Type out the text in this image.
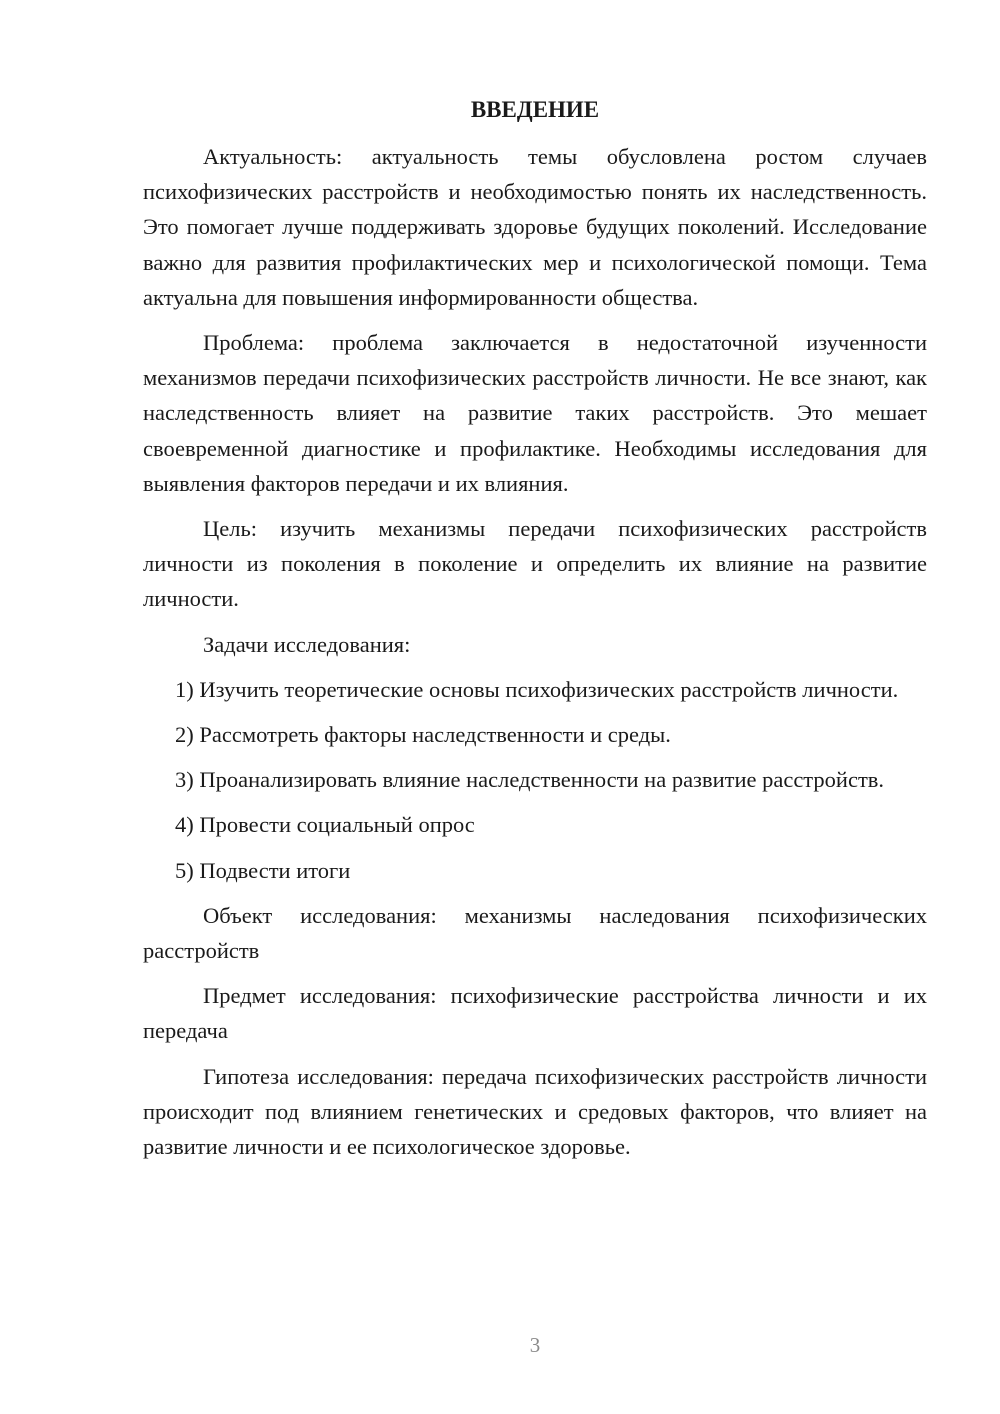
ВВЕДЕНИЕ

Актуальность: актуальность темы обусловлена ростом случаев психофизических расстройств и необходимостью понять их наследственность. Это помогает лучше поддерживать здоровье будущих поколений. Исследование важно для развития профилактических мер и психологической помощи. Тема актуальна для повышения информированности общества.

Проблема: проблема заключается в недостаточной изученности механизмов передачи психофизических расстройств личности. Не все знают, как наследственность влияет на развитие таких расстройств. Это мешает своевременной диагностике и профилактике. Необходимы исследования для выявления факторов передачи и их влияния.

Цель: изучить механизмы передачи психофизических расстройств личности из поколения в поколение и определить их влияние на развитие личности.

Задачи исследования:

1) Изучить теоретические основы психофизических расстройств личности.

2) Рассмотреть факторы наследственности и среды.

3) Проанализировать влияние наследственности на развитие расстройств.

4) Провести социальный опрос

5) Подвести итоги

Объект исследования: механизмы наследования психофизических расстройств

Предмет исследования: психофизические расстройства личности и их передача

Гипотеза исследования: передача психофизических расстройств личности происходит под влиянием генетических и средовых факторов, что влияет на развитие личности и ее психологическое здоровье.

3
